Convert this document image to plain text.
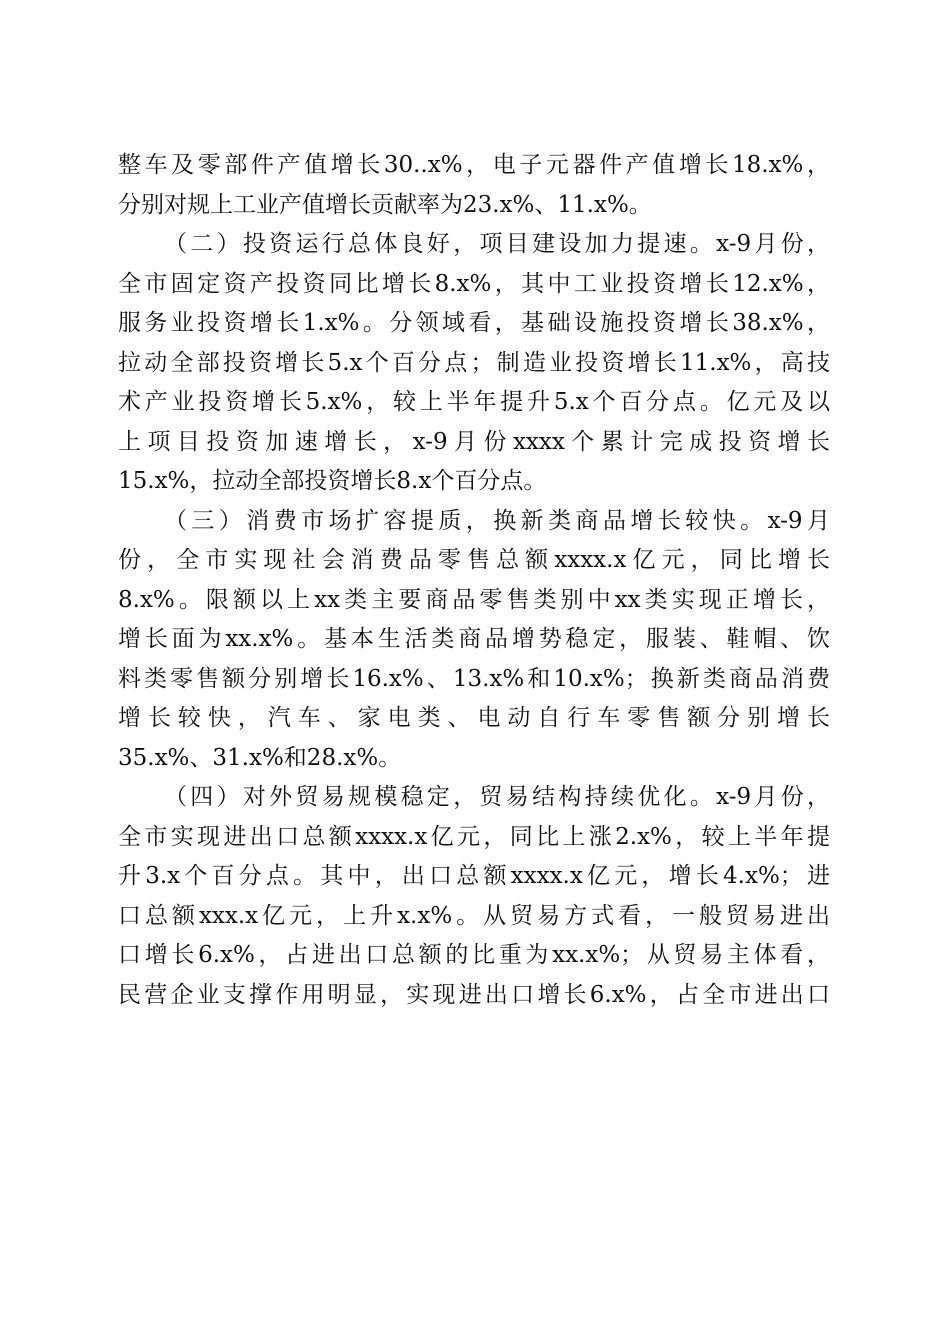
整车及零部件产值增长30..x%，电子元器件产值增长18.x%，
分别对规上工业产值增长贡献率为23.x%、11.x%。
（二）投资运行总体良好，项目建设加力提速。x-9月份，
全市固定资产投资同比增长8.x%，其中工业投资增长12.x%，
服务业投资增长1.x%。分领域看，基础设施投资增长38.x%，
拉动全部投资增长5.x个百分点；制造业投资增长11.x%，高技
术产业投资增长5.x%，较上半年提升5.x个百分点。亿元及以
上项目投资加速增长，x-9月份xxxx个累计完成投资增长
15.x%，拉动全部投资增长8.x个百分点。
（三）消费市场扩容提质，换新类商品增长较快。x-9月
份，全市实现社会消费品零售总额xxxx.x亿元，同比增长
8.x%。限额以上xx类主要商品零售类别中xx类实现正增长，
增长面为xx.x%。基本生活类商品增势稳定，服装、鞋帽、饮
料类零售额分别增长16.x%、13.x%和10.x%；换新类商品消费
增长较快，汽车、家电类、电动自行车零售额分别增长
35.x%、31.x%和28.x%。
（四）对外贸易规模稳定，贸易结构持续优化。x-9月份，
全市实现进出口总额xxxx.x亿元，同比上涨2.x%，较上半年提
升3.x个百分点。其中，出口总额xxxx.x亿元，增长4.x%；进
口总额xxx.x亿元，上升x.x%。从贸易方式看，一般贸易进出
口增长6.x%，占进出口总额的比重为xx.x%；从贸易主体看，
民营企业支撑作用明显，实现进出口增长6.x%，占全市进出口
